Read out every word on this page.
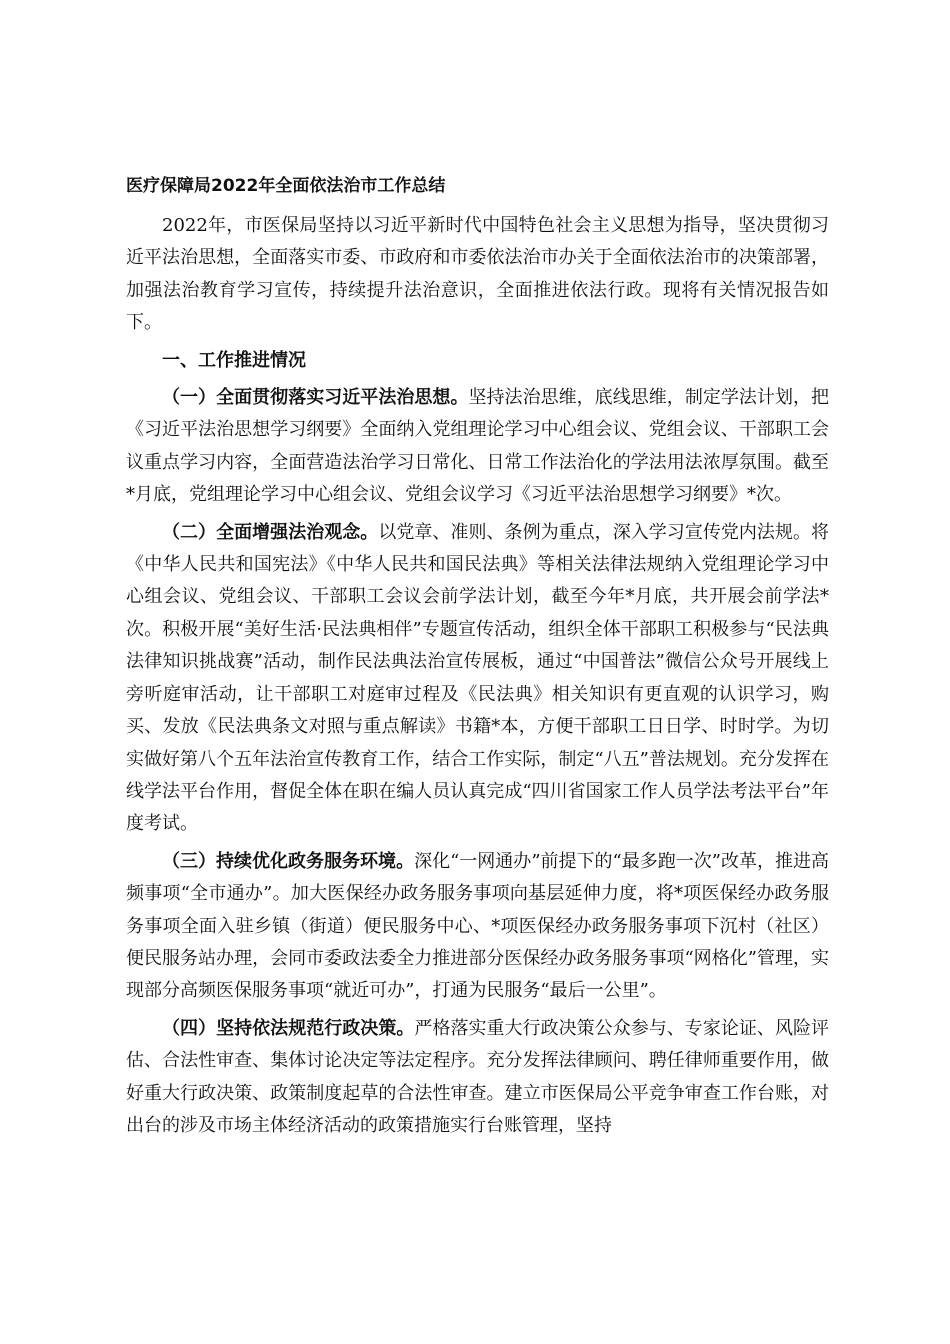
医疗保障局2022年全面依法治市工作总结

2022年，市医保局坚持以习近平新时代中国特色社会主义思想为指导，坚决贯彻习近平法治思想，全面落实市委、市政府和市委依法治市办关于全面依法治市的决策部署，加强法治教育学习宣传，持续提升法治意识，全面推进依法行政。现将有关情况报告如下。

一、工作推进情况

（一）全面贯彻落实习近平法治思想。坚持法治思维，底线思维，制定学法计划，把《习近平法治思想学习纲要》全面纳入党组理论学习中心组会议、党组会议、干部职工会议重点学习内容，全面营造法治学习日常化、日常工作法治化的学法用法浓厚氛围。截至*月底，党组理论学习中心组会议、党组会议学习《习近平法治思想学习纲要》*次。

（二）全面增强法治观念。以党章、准则、条例为重点，深入学习宣传党内法规。将《中华人民共和国宪法》《中华人民共和国民法典》等相关法律法规纳入党组理论学习中心组会议、党组会议、干部职工会议会前学法计划，截至今年*月底，共开展会前学法*次。积极开展“美好生活·民法典相伴”专题宣传活动，组织全体干部职工积极参与“民法典法律知识挑战赛”活动，制作民法典法治宣传展板，通过“中国普法”微信公众号开展线上旁听庭审活动，让干部职工对庭审过程及《民法典》相关知识有更直观的认识学习，购买、发放《民法典条文对照与重点解读》书籍*本，方便干部职工日日学、时时学。为切实做好第八个五年法治宣传教育工作，结合工作实际，制定“八五”普法规划。充分发挥在线学法平台作用，督促全体在职在编人员认真完成“四川省国家工作人员学法考法平台”年度考试。

（三）持续优化政务服务环境。深化“一网通办”前提下的“最多跑一次”改革，推进高频事项“全市通办”。加大医保经办政务服务事项向基层延伸力度，将*项医保经办政务服务事项全面入驻乡镇（街道）便民服务中心、*项医保经办政务服务事项下沉村（社区）便民服务站办理，会同市委政法委全力推进部分医保经办政务服务事项“网格化”管理，实现部分高频医保服务事项“就近可办”，打通为民服务“最后一公里”。

（四）坚持依法规范行政决策。严格落实重大行政决策公众参与、专家论证、风险评估、合法性审查、集体讨论决定等法定程序。充分发挥法律顾问、聘任律师重要作用，做好重大行政决策、政策制度起草的合法性审查。建立市医保局公平竞争审查工作台账，对出台的涉及市场主体经济活动的政策措施实行台账管理，坚持
